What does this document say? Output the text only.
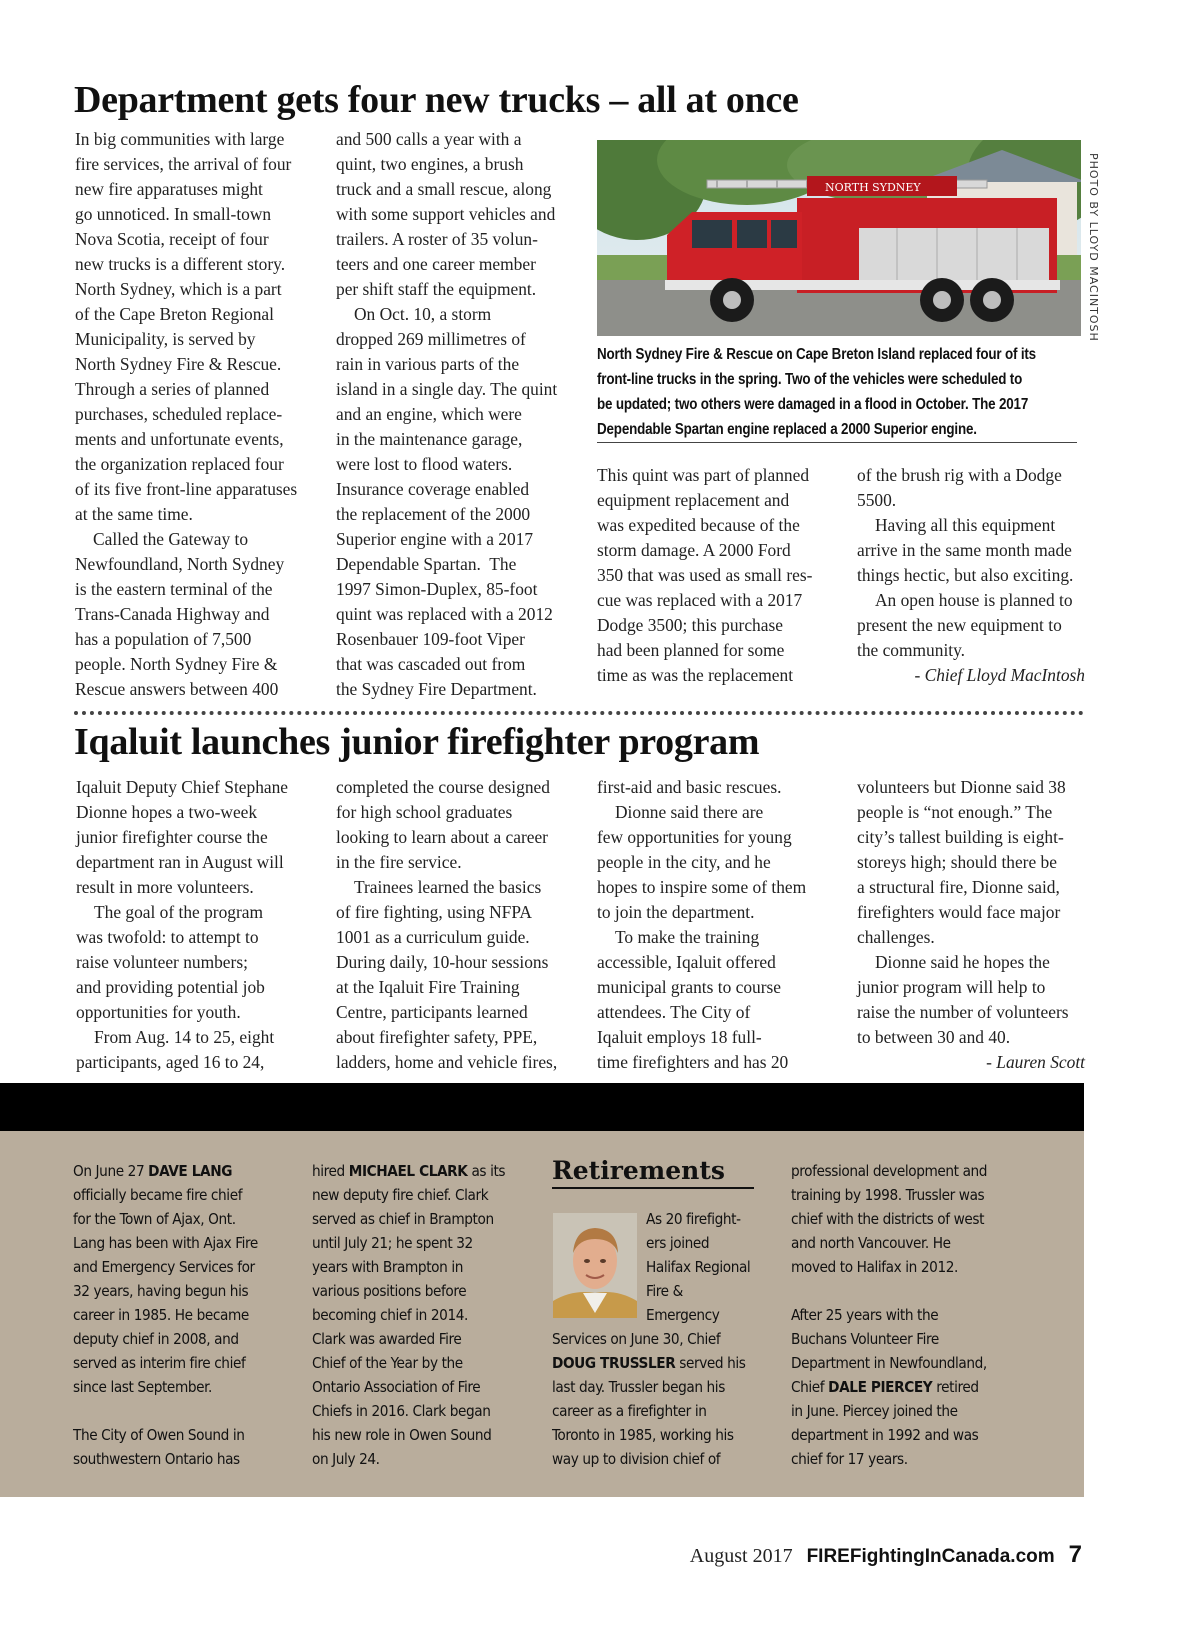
Department gets four new trucks – all at once

In big communities with large
fire services, the arrival of four
new fire apparatuses might
go unnoticed. In small-town
Nova Scotia, receipt of four
new trucks is a different story.
North Sydney, which is a part
of the Cape Breton Regional
Municipality, is served by
North Sydney Fire & Rescue.
Through a series of planned
purchases, scheduled replace-
ments and unfortunate events,
the organization replaced four
of its five front-line apparatuses
at the same time.

Called the Gateway to
Newfoundland, North Sydney
is the eastern terminal of the
Trans-Canada Highway and
has a population of 7,500
people. North Sydney Fire &
Rescue answers between 400

and 500 calls a year with a
quint, two engines, a brush
truck and a small rescue, along
with some support vehicles and
trailers. A roster of 35 volun-
teers and one career member
per shift staff the equipment.

On Oct. 10, a storm
dropped 269 millimetres of
rain in various parts of the
island in a single day. The quint
and an engine, which were
in the maintenance garage,
were lost to flood waters.
Insurance coverage enabled
the replacement of the 2000
Superior engine with a 2017
Dependable Spartan.  The
1997 Simon-Duplex, 85-foot
quint was replaced with a 2012
Rosenbauer 109-foot Viper
that was cascaded out from
the Sydney Fire Department.

NORTH SYDNEY	PHOTO BY LLOYD MACINTOSH
North Sydney Fire & Rescue on Cape Breton Island replaced four of its
front-line trucks in the spring. Two of the vehicles were scheduled to
be updated; two others were damaged in a flood in October. The 2017
Dependable Spartan engine replaced a 2000 Superior engine.

This quint was part of planned
equipment replacement and
was expedited because of the
storm damage. A 2000 Ford
350 that was used as small res-
cue was replaced with a 2017
Dodge 3500; this purchase
had been planned for some
time as was the replacement

of the brush rig with a Dodge
5500.

Having all this equipment
arrive in the same month made
things hectic, but also exciting.

An open house is planned to
present the new equipment to
the community.

- Chief Lloyd MacIntosh

Iqaluit launches junior firefighter program

Iqaluit Deputy Chief Stephane
Dionne hopes a two-week
junior firefighter course the
department ran in August will
result in more volunteers.

The goal of the program
was twofold: to attempt to
raise volunteer numbers;
and providing potential job
opportunities for youth.

From Aug. 14 to 25, eight
participants, aged 16 to 24,

completed the course designed
for high school graduates
looking to learn about a career
in the fire service.

Trainees learned the basics
of fire fighting, using NFPA
1001 as a curriculum guide.
During daily, 10-hour sessions
at the Iqaluit Fire Training
Centre, participants learned
about firefighter safety, PPE,
ladders, home and vehicle fires,

first-aid and basic rescues.

Dionne said there are
few opportunities for young
people in the city, and he
hopes to inspire some of them
to join the department.

To make the training
accessible, Iqaluit offered
municipal grants to course
attendees. The City of
Iqaluit employs 18 full-
time firefighters and has 20

volunteers but Dionne said 38
people is “not enough.” The
city’s tallest building is eight-
storeys high; should there be
a structural fire, Dionne said,
firefighters would face major
challenges.

Dionne said he hopes the
junior program will help to
raise the number of volunteers
to between 30 and 40.

- Lauren Scott

On June 27 DAVE LANG
officially became fire chief
for the Town of Ajax, Ont.
Lang has been with Ajax Fire
and Emergency Services for
32 years, having begun his
career in 1985. He became
deputy chief in 2008, and
served as interim fire chief
since last September.

The City of Owen Sound in
southwestern Ontario has

hired MICHAEL CLARK as its
new deputy fire chief. Clark
served as chief in Brampton
until July 21; he spent 32
years with Brampton in
various positions before
becoming chief in 2014.
Clark was awarded Fire
Chief of the Year by the
Ontario Association of Fire
Chiefs in 2016. Clark began
his new role in Owen Sound
on July 24.

Retirements

As 20 firefight-
ers joined
Halifax Regional
Fire &
Emergency

Services on June 30, Chief
DOUG TRUSSLER served his
last day. Trussler began his
career as a firefighter in
Toronto in 1985, working his
way up to division chief of

professional development and
training by 1998. Trussler was
chief with the districts of west
and north Vancouver. He
moved to Halifax in 2012.

After 25 years with the
Buchans Volunteer Fire
Department in Newfoundland,
Chief DALE PIERCEY retired
in June. Piercey joined the
department in 1992 and was
chief for 17 years.

August 2017 FIREFightingInCanada.com 7
